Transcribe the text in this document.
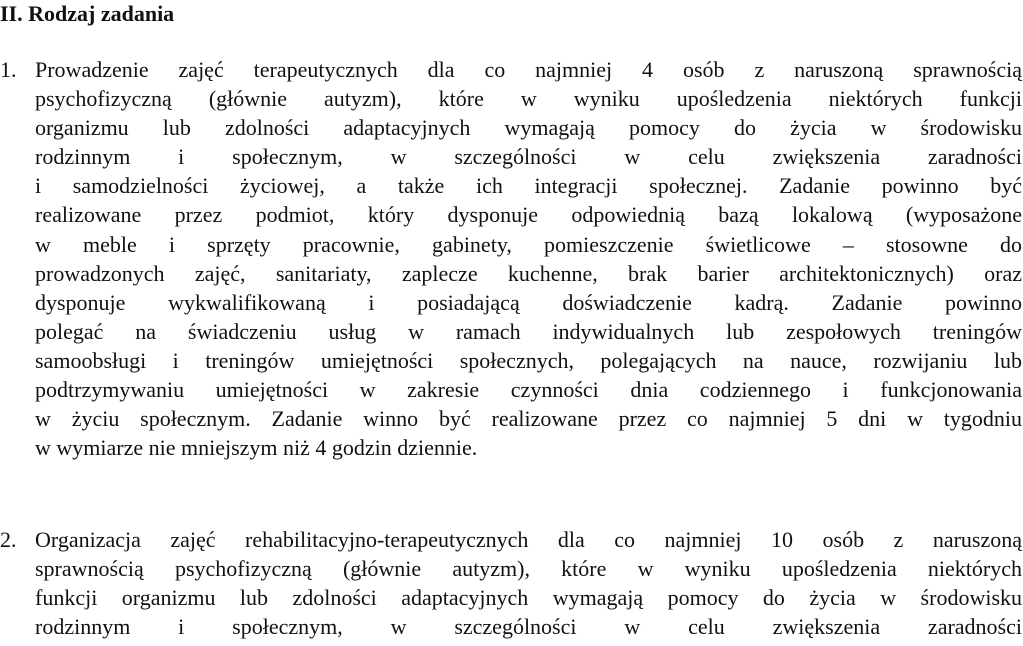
II. Rodzaj zadania
1. Prowadzenie zajęć terapeutycznych dla co najmniej 4 osób z naruszoną sprawnością
psychofizyczną (głównie autyzm), które w wyniku upośledzenia niektórych funkcji
organizmu lub zdolności adaptacyjnych wymagają pomocy do życia w środowisku
rodzinnym i społecznym, w szczególności w celu zwiększenia zaradności
i samodzielności życiowej, a także ich integracji społecznej. Zadanie powinno być
realizowane przez podmiot, który dysponuje odpowiednią bazą lokalową (wyposażone
w meble i sprzęty pracownie, gabinety, pomieszczenie świetlicowe – stosowne do
prowadzonych zajęć, sanitariaty, zaplecze kuchenne, brak barier architektonicznych) oraz
dysponuje wykwalifikowaną i posiadającą doświadczenie kadrą. Zadanie powinno
polegać na świadczeniu usług w ramach indywidualnych lub zespołowych treningów
samoobsługi i treningów umiejętności społecznych, polegających na nauce, rozwijaniu lub
podtrzymywaniu umiejętności w zakresie czynności dnia codziennego i funkcjonowania
w życiu społecznym. Zadanie winno być realizowane przez co najmniej 5 dni w tygodniu
w wymiarze nie mniejszym niż 4 godzin dziennie.
2. Organizacja zajęć rehabilitacyjno-terapeutycznych dla co najmniej 10 osób z naruszoną
sprawnością psychofizyczną (głównie autyzm), które w wyniku upośledzenia niektórych
funkcji organizmu lub zdolności adaptacyjnych wymagają pomocy do życia w środowisku
rodzinnym i społecznym, w szczególności w celu zwiększenia zaradności
